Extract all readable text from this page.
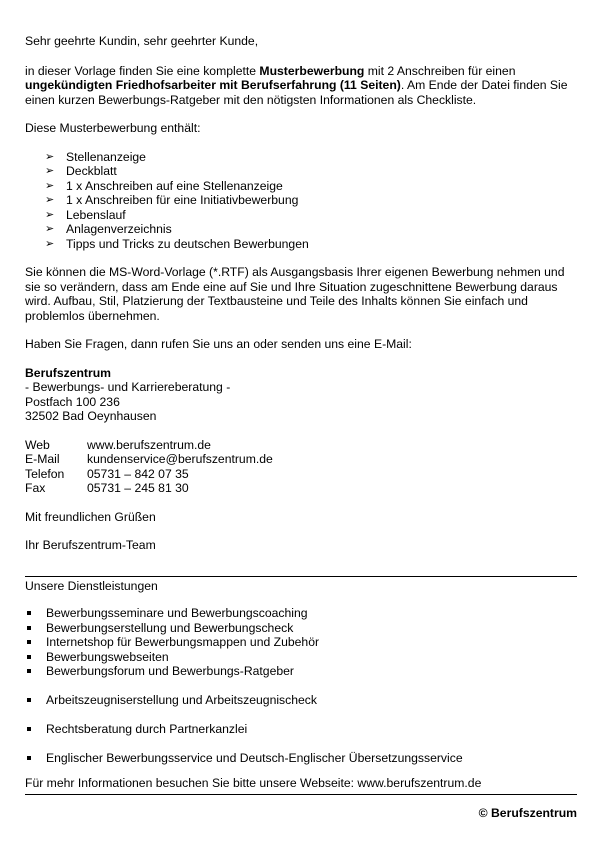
Sehr geehrte Kundin, sehr geehrter Kunde,

in dieser Vorlage finden Sie eine komplette Musterbewerbung mit 2 Anschreiben für einen ungekündigten Friedhofsarbeiter mit Berufserfahrung (11 Seiten). Am Ende der Datei finden Sie einen kurzen Bewerbungs-Ratgeber mit den nötigsten Informationen als Checkliste.

Diese Musterbewerbung enthält:

➢ Stellenanzeige
➢ Deckblatt
➢ 1 x Anschreiben auf eine Stellenanzeige
➢ 1 x Anschreiben für eine Initiativbewerbung
➢ Lebenslauf
➢ Anlagenverzeichnis
➢ Tipps und Tricks zu deutschen Bewerbungen

Sie können die MS-Word-Vorlage (*.RTF) als Ausgangsbasis Ihrer eigenen Bewerbung nehmen und sie so verändern, dass am Ende eine auf Sie und Ihre Situation zugeschnittene Bewerbung daraus wird. Aufbau, Stil, Platzierung der Textbausteine und Teile des Inhalts können Sie einfach und problemlos übernehmen.

Haben Sie Fragen, dann rufen Sie uns an oder senden uns eine E-Mail:

Berufszentrum
- Bewerbungs- und Karriereberatung -
Postfach 100 236
32502 Bad Oeynhausen
Web	www.berufszentrum.de
E-Mail	kundenservice@berufszentrum.de
Telefon	05731 – 842 07 35
Fax	05731 – 245 81 30

Mit freundlichen Grüßen

Ihr Berufszentrum-Team

Unsere Dienstleistungen

Bewerbungsseminare und Bewerbungscoaching
Bewerbungserstellung und Bewerbungscheck
Internetshop für Bewerbungsmappen und Zubehör
Bewerbungswebseiten
Bewerbungsforum und Bewerbungs-Ratgeber
Arbeitszeugniserstellung und Arbeitszeugnischeck
Rechtsberatung durch Partnerkanzlei
Englischer Bewerbungsservice und Deutsch-Englischer Übersetzungsservice

Für mehr Informationen besuchen Sie bitte unsere Webseite: www.berufszentrum.de

© Berufszentrum
